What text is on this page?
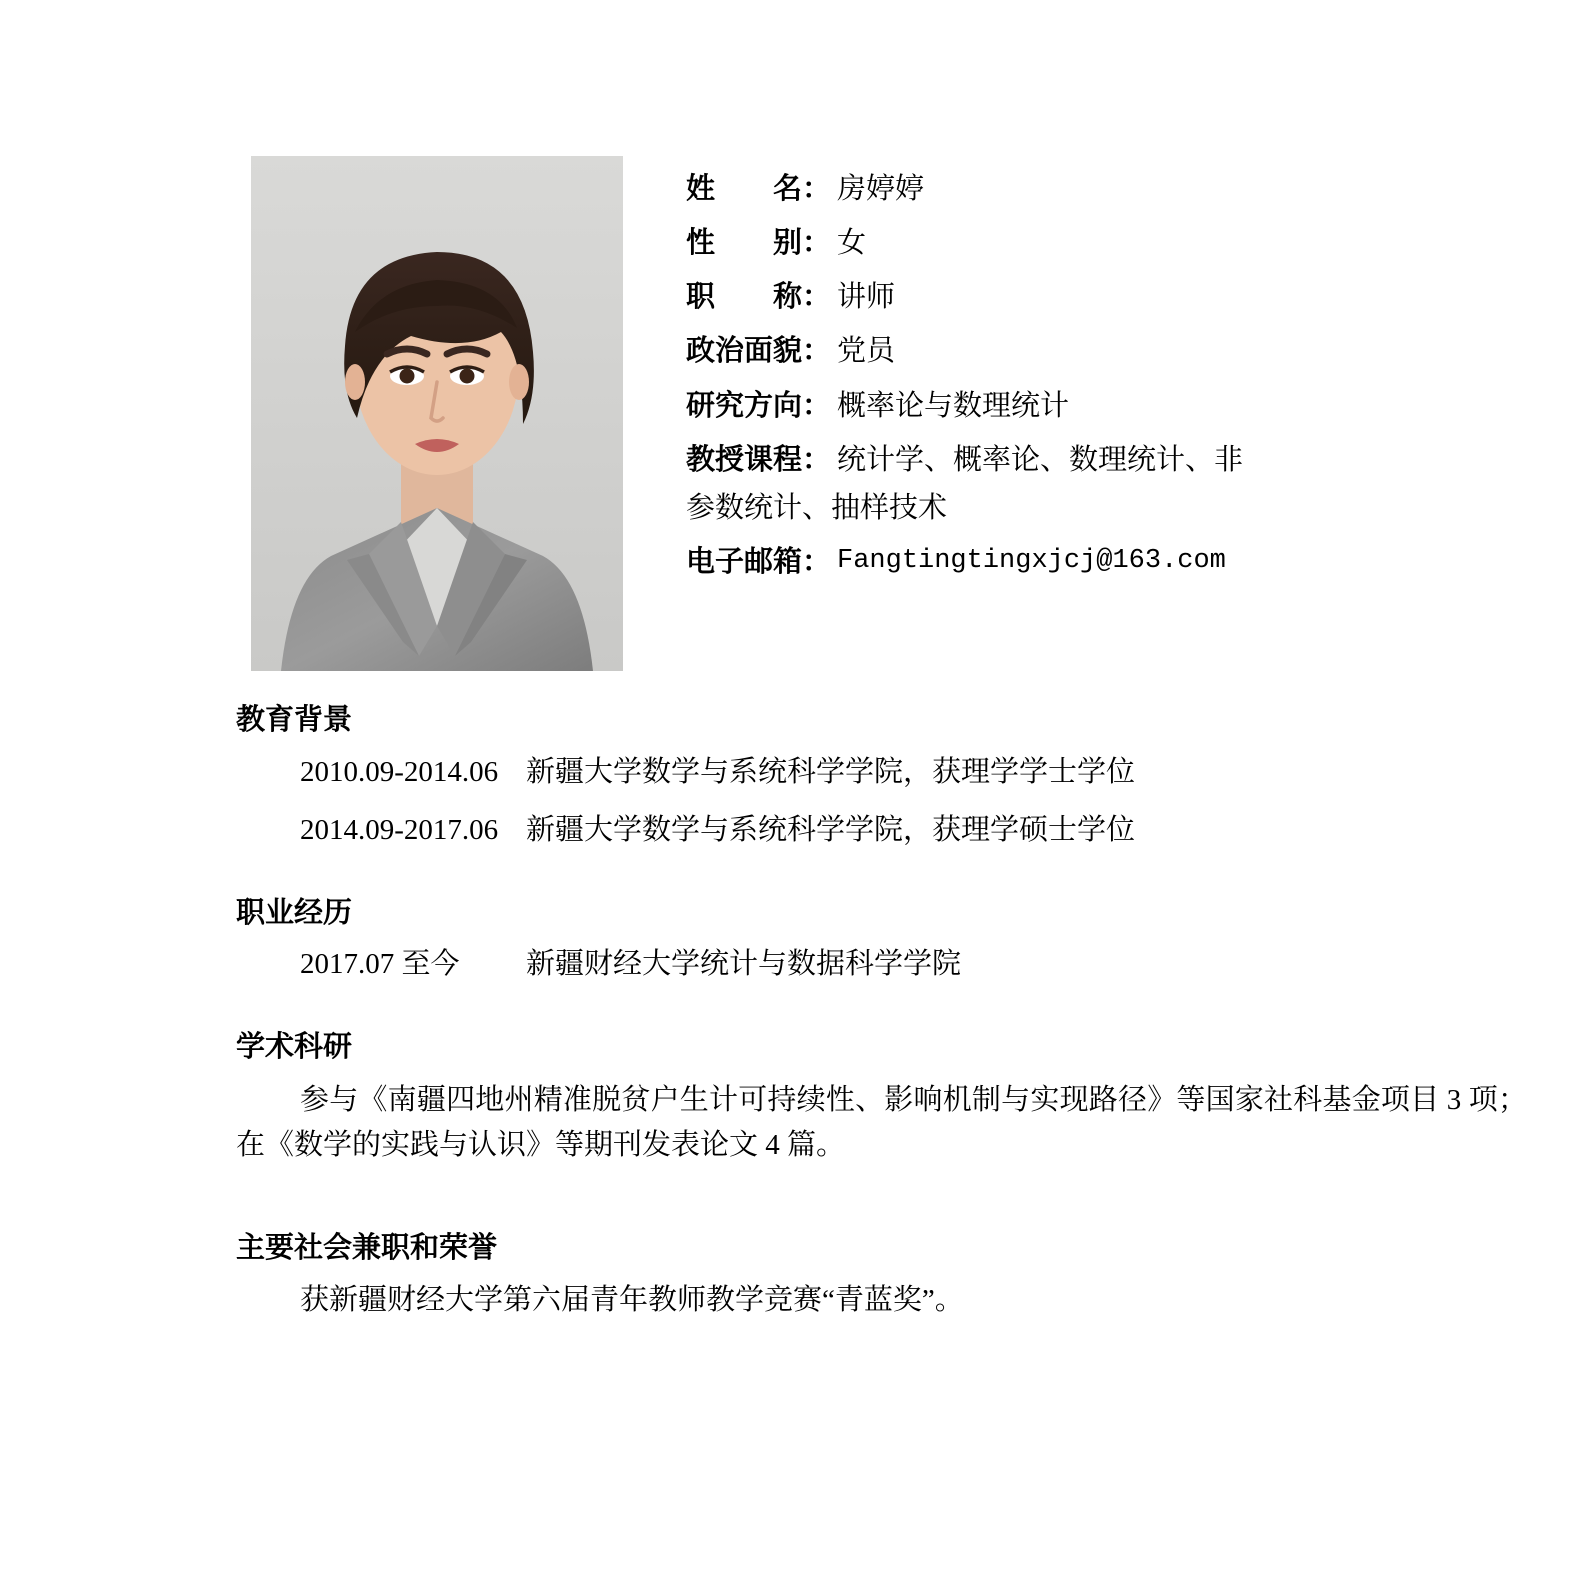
姓　　名： 房婷婷
性　　别： 女
职　　称： 讲师
政治面貌： 党员
研究方向： 概率论与数理统计
教授课程： 统计学、概率论、数理统计、非
参数统计、抽样技术
电子邮箱： Fangtingtingxjcj@163.com
教育背景
2010.09-2014.06 新疆大学数学与系统科学学院，获理学学士学位
2014.09-2017.06 新疆大学数学与系统科学学院，获理学硕士学位
职业经历
2017.07 至今	新疆财经大学统计与数据科学学院
学术科研

参与《南疆四地州精准脱贫户生计可持续性、影响机制与实现路径》等国家社科基金项目 3 项；在《数学的实践与认识》等期刊发表论文 4 篇。

主要社会兼职和荣誉

获新疆财经大学第六届青年教师教学竞赛“青蓝奖”。
